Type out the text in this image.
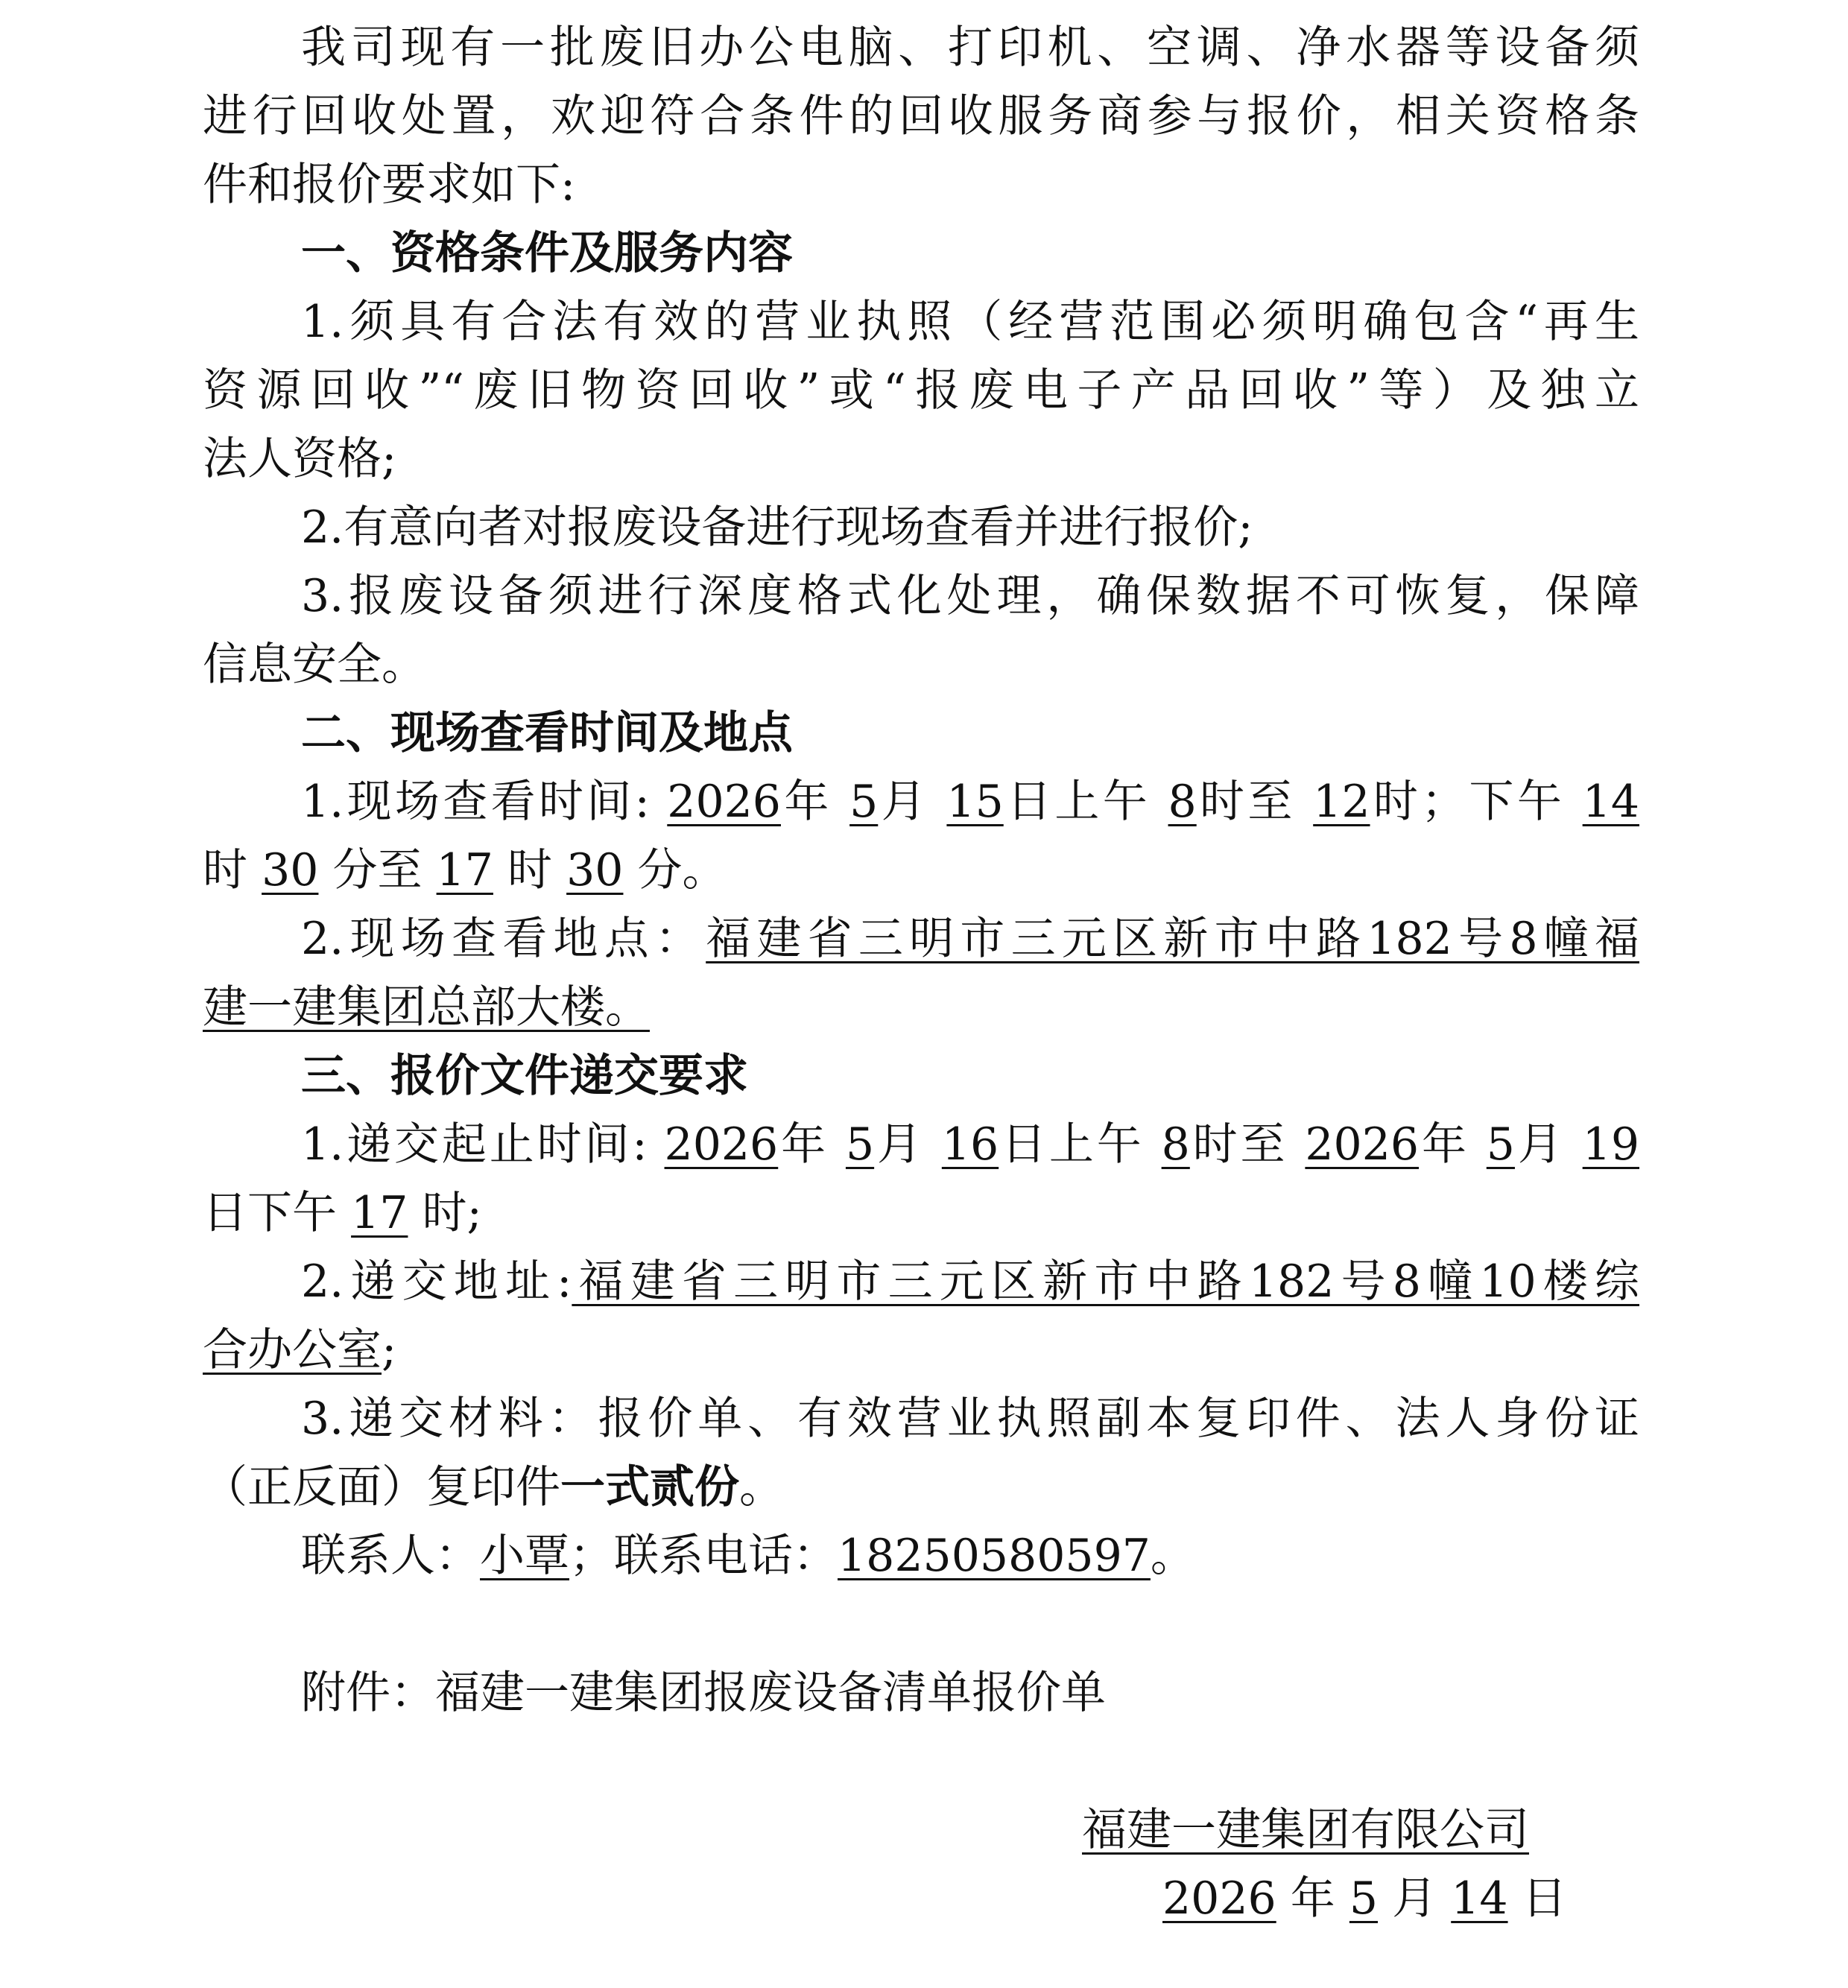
我司现有一批废旧办公电脑、打印机、空调、净水器等设备须
进行回收处置，欢迎符合条件的回收服务商参与报价，相关资格条
件和报价要求如下:
一、资格条件及服务内容
1.须具有合法有效的营业执照（经营范围必须明确包含“再生
资源回收”“废旧物资回收”或“报废电子产品回收”等）及独立
法人资格;
2.有意向者对报废设备进行现场查看并进行报价;
3.报废设备须进行深度格式化处理，确保数据不可恢复，保障
信息安全。
二、现场查看时间及地点
1.现场查看时间: 2026年 5月 15日上午 8时至 12时；下午 14
时 30 分至 17 时 30 分。
2.现场查看地点：福建省三明市三元区新市中路182号8幢福
建一建集团总部大楼。
三、报价文件递交要求
1.递交起止时间: 2026年 5月 16日上午 8时至 2026年 5月 19
日下午 17 时;
2.递交地址:福建省三明市三元区新市中路182号8幢10楼综
合办公室;
3.递交材料：报价单、有效营业执照副本复印件、法人身份证
（正反面）复印件一式贰份。
联系人：小覃；联系电话：18250580597。
附件：福建一建集团报废设备清单报价单
福建一建集团有限公司
2026 年 5 月 14 日
